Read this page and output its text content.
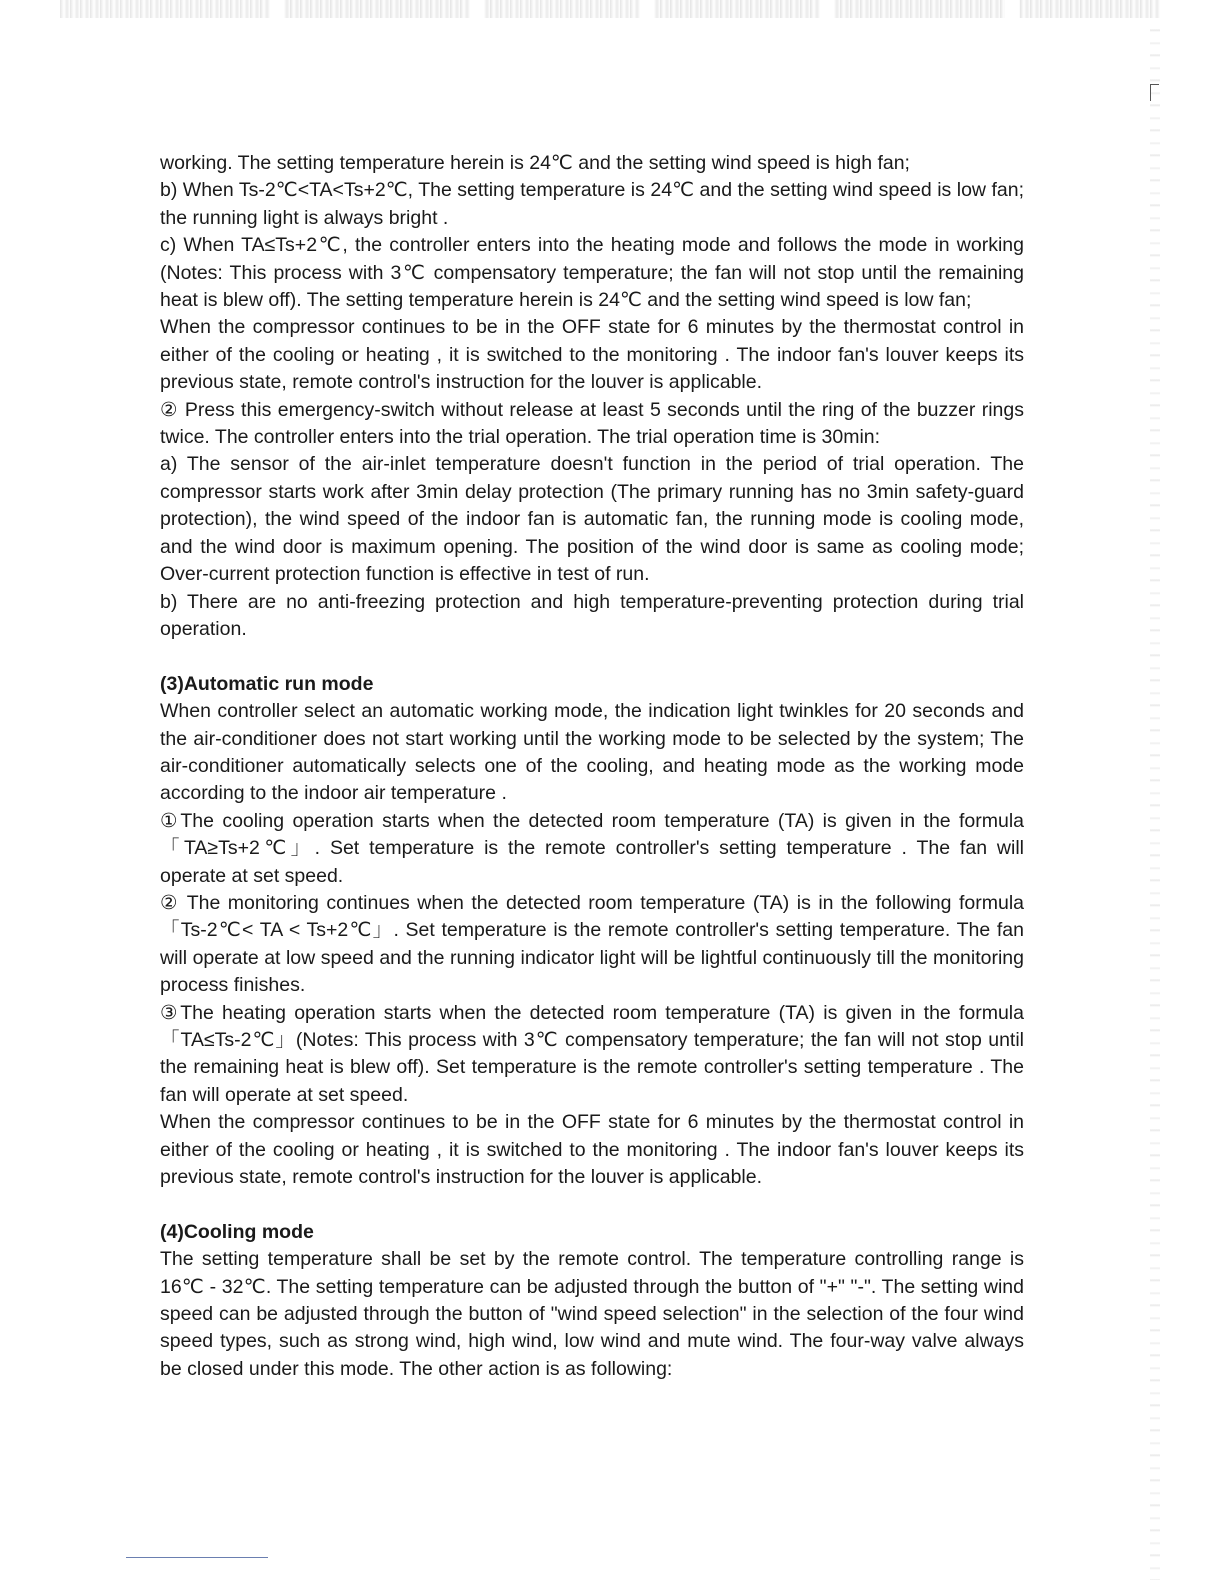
working. The setting temperature herein is 24℃ and the setting wind speed is high fan;

b) When Ts-2℃<TA<Ts+2℃, The setting temperature is 24℃ and the setting wind speed is low fan; the running light is always bright .

c) When TA≤Ts+2℃, the controller enters into the heating mode and follows the mode in working (Notes: This process with 3℃ compensatory temperature; the fan will not stop until the remaining heat is blew off). The setting temperature herein is 24℃ and the setting wind speed is low fan;

When the compressor continues to be in the OFF state for 6 minutes by the thermostat control in either of the cooling or heating , it is switched to the monitoring . The indoor fan's louver keeps its previous state, remote control's instruction for the louver is applicable.

② Press this emergency-switch without release at least 5 seconds until the ring of the buzzer rings twice. The controller enters into the trial operation. The trial operation time is 30min:

a) The sensor of the air-inlet temperature doesn't function in the period of trial operation. The compressor starts work after 3min delay protection (The primary running has no 3min safety-guard protection), the wind speed of the indoor fan is automatic fan, the running mode is cooling mode, and the wind door is maximum opening. The position of the wind door is same as cooling mode; Over-current protection function is effective in test of run.

b) There are no anti-freezing protection and high temperature-preventing protection during trial operation.

(3)Automatic run mode

When controller select an automatic working mode, the indication light twinkles for 20 seconds and the air-conditioner does not start working until the working mode to be selected by the system; The air-conditioner automatically selects one of the cooling, and heating mode as the working mode according to the indoor air temperature .

①The cooling operation starts when the detected room temperature (TA) is given in the formula「TA≥Ts+2℃」. Set temperature is the remote controller's setting temperature . The fan will operate at set speed.

② The monitoring continues when the detected room temperature (TA) is in the following formula 「Ts-2℃< TA < Ts+2℃」. Set temperature is the remote controller's setting temperature. The fan will operate at low speed and the running indicator light will be lightful continuously till the monitoring process finishes.

③The heating operation starts when the detected room temperature (TA) is given in the formula「TA≤Ts-2℃」(Notes: This process with 3℃ compensatory temperature; the fan will not stop until the remaining heat is blew off). Set temperature is the remote controller's setting temperature . The fan will operate at set speed.

When the compressor continues to be in the OFF state for 6 minutes by the thermostat control in either of the cooling or heating , it is switched to the monitoring . The indoor fan's louver keeps its previous state, remote control's instruction for the louver is applicable.

(4)Cooling mode

The setting temperature shall be set by the remote control. The temperature controlling range is 16℃ - 32℃. The setting temperature can be adjusted through the button of "+" "-". The setting wind speed can be adjusted through the button of "wind speed selection" in the selection of the four wind speed types, such as strong wind, high wind, low wind and mute wind. The four-way valve always be closed under this mode. The other action is as following:
